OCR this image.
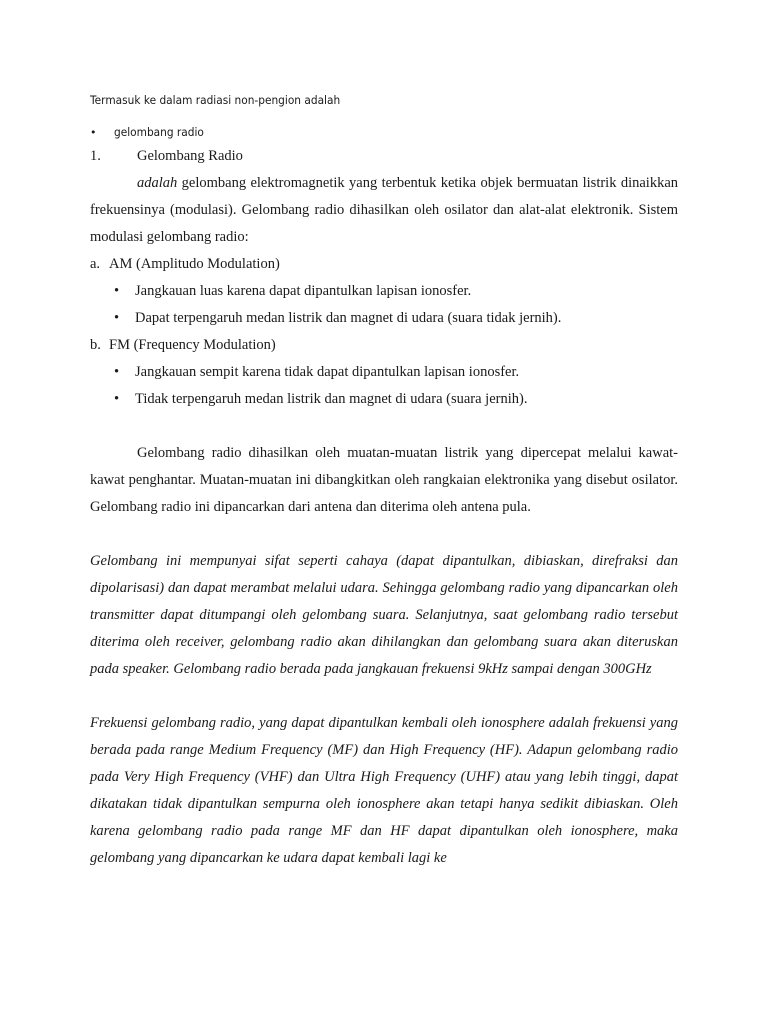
Termasuk ke dalam radiasi non-pengion adalah

•	gelombang radio

1. Gelombang Radio

adalah gelombang elektromagnetik yang terbentuk ketika objek bermuatan listrik dinaikkan frekuensinya (modulasi). Gelombang radio dihasilkan oleh osilator dan alat-alat elektronik. Sistem modulasi gelombang radio:

a. AM (Amplitudo Modulation)

•	Jangkauan luas karena dapat dipantulkan lapisan ionosfer.
•	Dapat terpengaruh medan listrik dan magnet di udara (suara tidak jernih).

b. FM (Frequency Modulation)

•	Jangkauan sempit karena tidak dapat dipantulkan lapisan ionosfer.
•	Tidak terpengaruh medan listrik dan magnet di udara (suara jernih).

Gelombang radio dihasilkan oleh muatan-muatan listrik yang dipercepat melalui kawat-kawat penghantar. Muatan-muatan ini dibangkitkan oleh rangkaian elektronika yang disebut osilator. Gelombang radio ini dipancarkan dari antena dan diterima oleh antena pula.

Gelombang ini mempunyai sifat seperti cahaya (dapat dipantulkan, dibiaskan, direfraksi dan dipolarisasi) dan dapat merambat melalui udara. Sehingga gelombang radio yang dipancarkan oleh transmitter dapat ditumpangi oleh gelombang suara. Selanjutnya, saat gelombang radio tersebut diterima oleh receiver, gelombang radio akan dihilangkan dan gelombang suara akan diteruskan pada speaker. Gelombang radio berada pada jangkauan frekuensi 9kHz sampai dengan 300GHz

Frekuensi gelombang radio, yang dapat dipantulkan kembali oleh ionosphere adalah frekuensi yang berada pada range Medium Frequency (MF) dan High Frequency (HF). Adapun gelombang radio pada Very High Frequency (VHF) dan Ultra High Frequency (UHF) atau yang lebih tinggi, dapat dikatakan tidak dipantulkan sempurna oleh ionosphere akan tetapi hanya sedikit dibiaskan. Oleh karena gelombang radio pada range MF dan HF dapat dipantulkan oleh ionosphere, maka gelombang yang dipancarkan ke udara dapat kembali lagi ke
